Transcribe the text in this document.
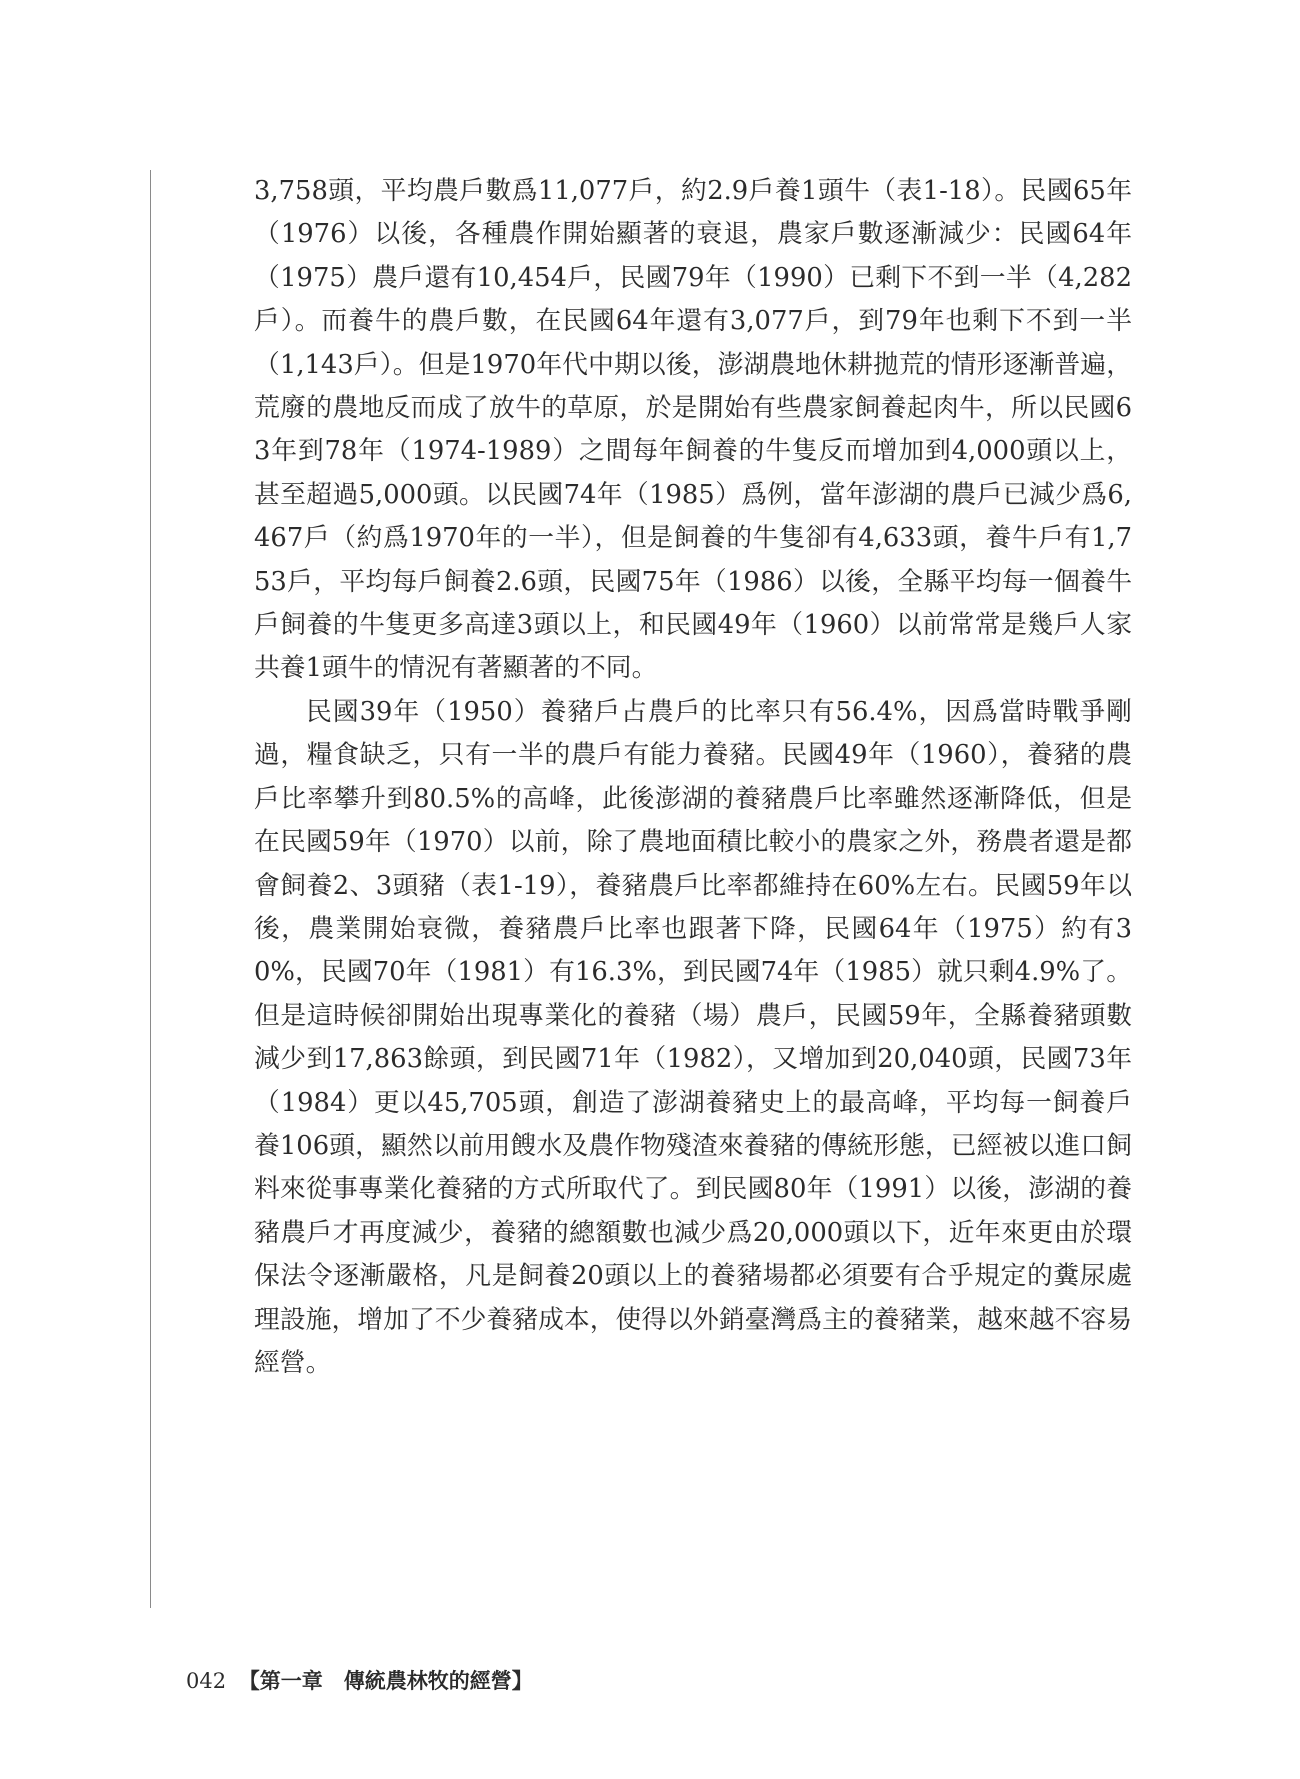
3,758頭，平均農戶數爲11,077戶，約2.9戶養1頭牛（表1-18）。民國65年（1976）以後，各種農作開始顯著的衰退，農家戶數逐漸減少：民國64年（1975）農戶還有10,454戶，民國79年（1990）已剩下不到一半（4,282戶）。而養牛的農戶數，在民國64年還有3,077戶，到79年也剩下不到一半（1,143戶）。但是1970年代中期以後，澎湖農地休耕拋荒的情形逐漸普遍，荒廢的農地反而成了放牛的草原，於是開始有些農家飼養起肉牛，所以民國63年到78年（1974-1989）之間每年飼養的牛隻反而增加到4,000頭以上，甚至超過5,000頭。以民國74年（1985）爲例，當年澎湖的農戶已減少爲6,467戶（約爲1970年的一半），但是飼養的牛隻卻有4,633頭，養牛戶有1,753戶，平均每戶飼養2.6頭，民國75年（1986）以後，全縣平均每一個養牛戶飼養的牛隻更多高達3頭以上，和民國49年（1960）以前常常是幾戶人家共養1頭牛的情況有著顯著的不同。

民國39年（1950）養豬戶占農戶的比率只有56.4%，因爲當時戰爭剛過，糧食缺乏，只有一半的農戶有能力養豬。民國49年（1960），養豬的農戶比率攀升到80.5%的高峰，此後澎湖的養豬農戶比率雖然逐漸降低，但是在民國59年（1970）以前，除了農地面積比較小的農家之外，務農者還是都會飼養2、3頭豬（表1-19），養豬農戶比率都維持在60%左右。民國59年以後，農業開始衰微，養豬農戶比率也跟著下降，民國64年（1975）約有30%，民國70年（1981）有16.3%，到民國74年（1985）就只剩4.9%了。但是這時候卻開始出現專業化的養豬（場）農戶，民國59年，全縣養豬頭數減少到17,863餘頭，到民國71年（1982），又增加到20,040頭，民國73年（1984）更以45,705頭，創造了澎湖養豬史上的最高峰，平均每一飼養戶養106頭，顯然以前用餿水及農作物殘渣來養豬的傳統形態，已經被以進口飼料來從事專業化養豬的方式所取代了。到民國80年（1991）以後，澎湖的養豬農戶才再度減少，養豬的總額數也減少爲20,000頭以下，近年來更由於環保法令逐漸嚴格，凡是飼養20頭以上的養豬場都必須要有合乎規定的糞尿處理設施，增加了不少養豬成本，使得以外銷臺灣爲主的養豬業，越來越不容易經營。

042 【第一章　傳統農林牧的經營】
